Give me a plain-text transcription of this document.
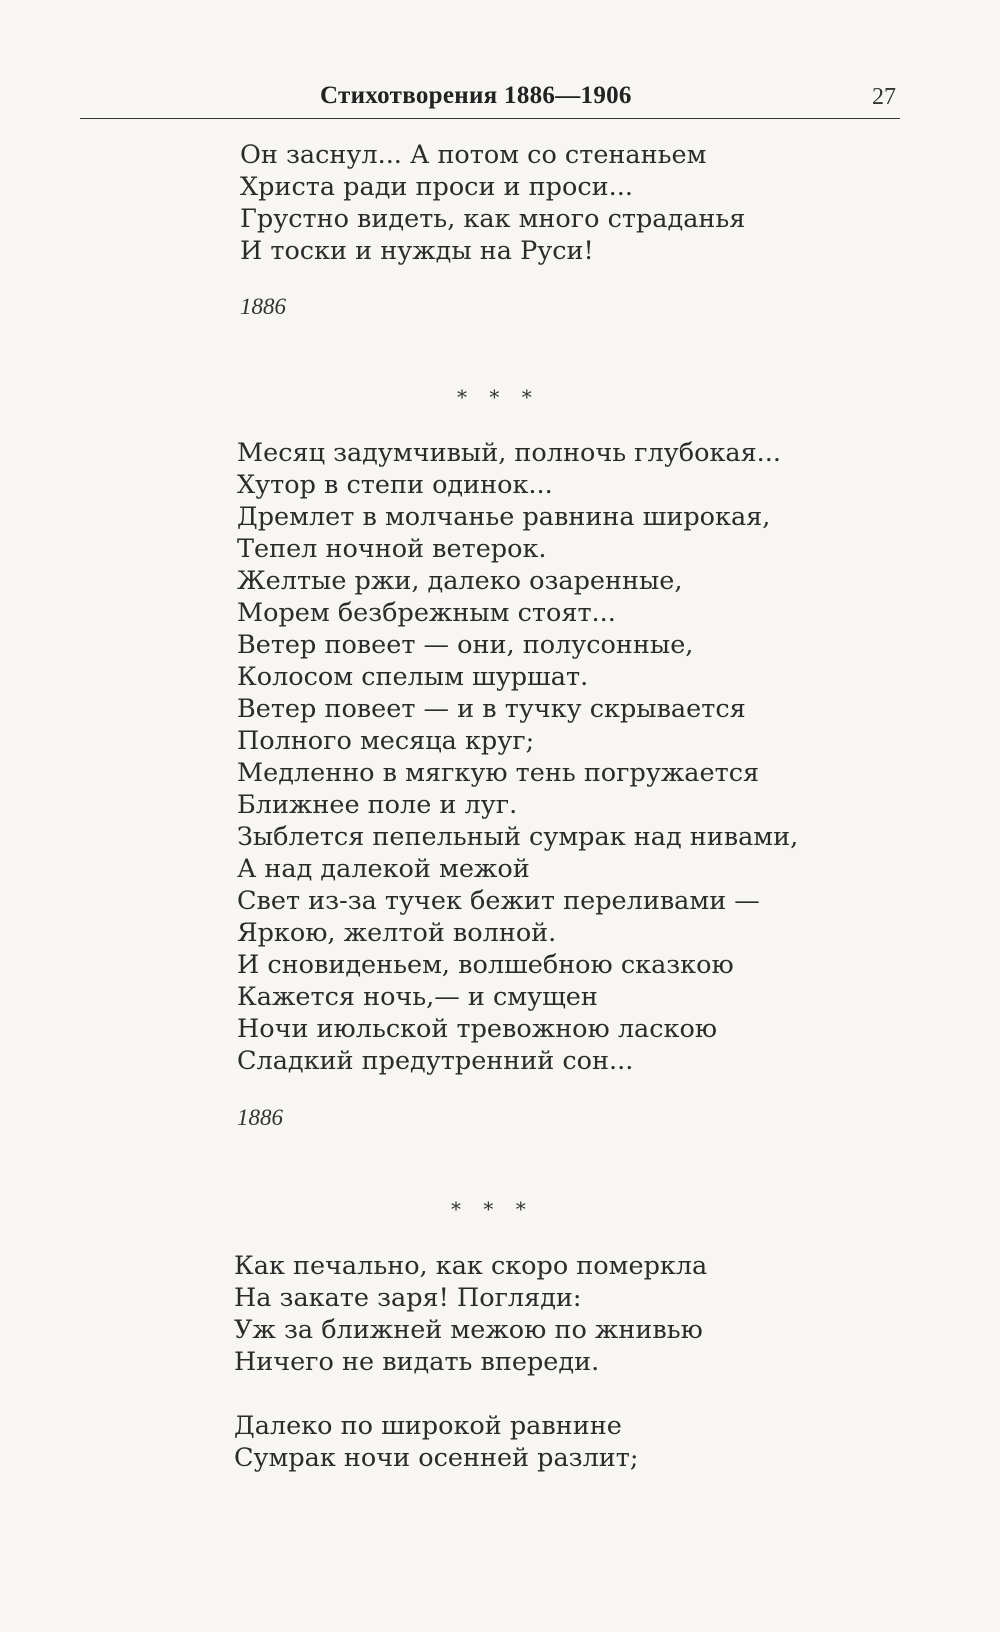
Стихотворения 1886—1906	27
Он заснул... А потом со стенаньем
Христа ради проси и проси...
Грустно видеть, как много страданья
И тоски и нужды на Руси!
1886
* * *
Месяц задумчивый, полночь глубокая...
Хутор в степи одинок...
Дремлет в молчанье равнина широкая,
Тепел ночной ветерок.
Желтые ржи, далеко озаренные,
Морем безбрежным стоят...
Ветер повеет — они, полусонные,
Колосом спелым шуршат.
Ветер повеет — и в тучку скрывается
Полного месяца круг;
Медленно в мягкую тень погружается
Ближнее поле и луг.
Зыблется пепельный сумрак над нивами,
А над далекой межой
Свет из-за тучек бежит переливами —
Яркою, желтой волной.
И сновиденьем, волшебною сказкою
Кажется ночь,— и смущен
Ночи июльской тревожною ласкою
Сладкий предутренний сон...
1886
* * *
Как печально, как скоро померкла
На закате заря! Погляди:
Уж за ближней межою по жнивью
Ничего не видать впереди.
Далеко по широкой равнине
Сумрак ночи осенней разлит;
